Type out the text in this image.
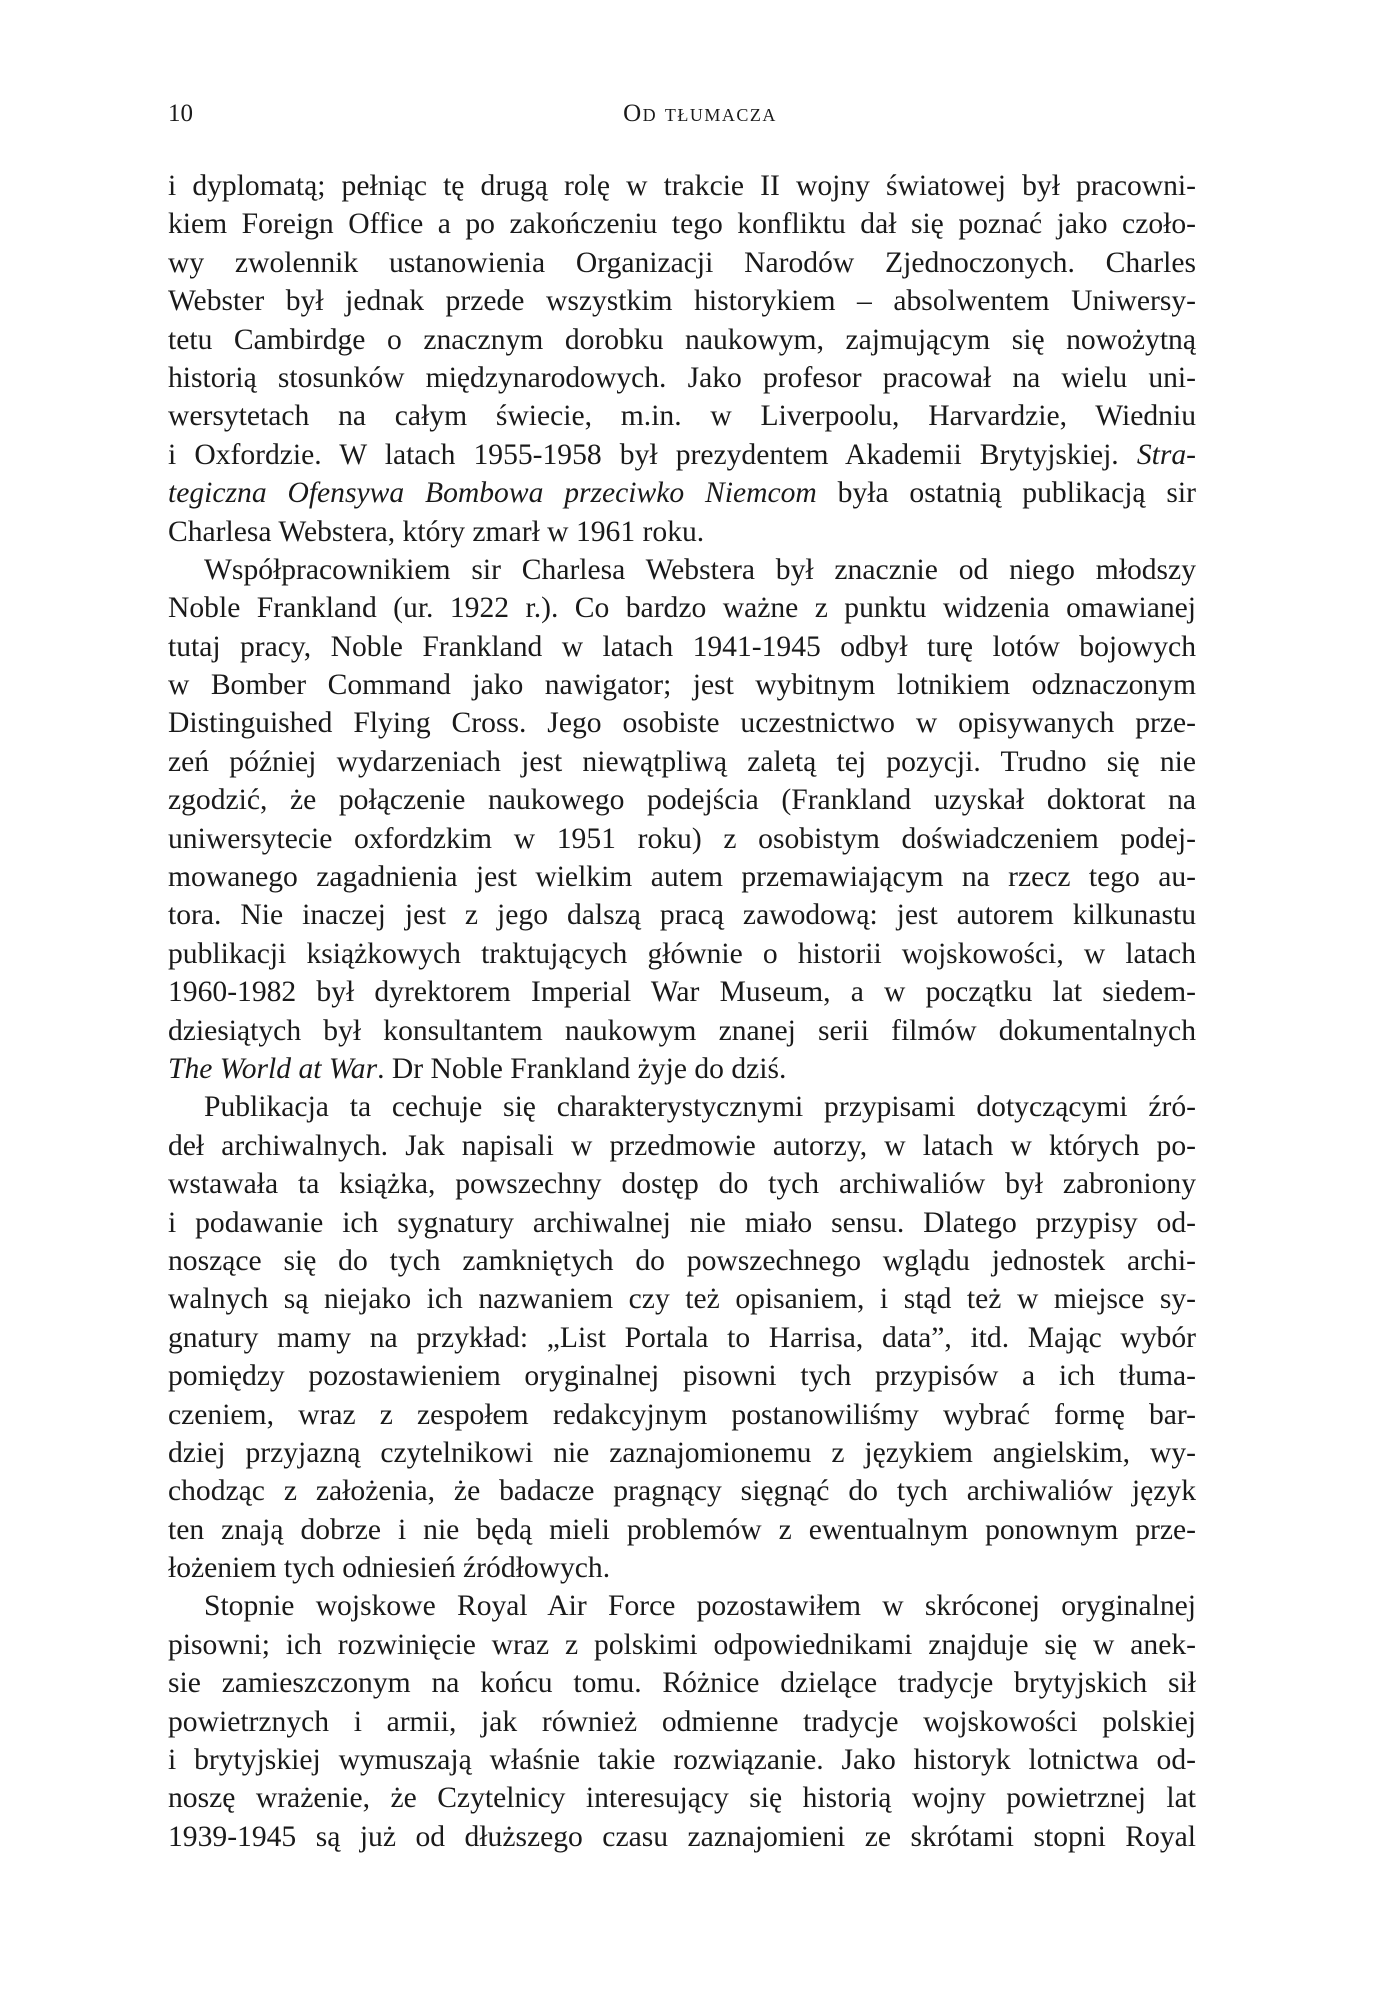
10	Od tłumacza
i dyplomatą; pełniąc tę drugą rolę w trakcie II wojny światowej był pracowni-
kiem Foreign Office a po zakończeniu tego konfliktu dał się poznać jako czoło-
wy zwolennik ustanowienia Organizacji Narodów Zjednoczonych. Charles
Webster był jednak przede wszystkim historykiem – absolwentem Uniwersy-
tetu Cambirdge o znacznym dorobku naukowym, zajmującym się nowożytną
historią stosunków międzynarodowych. Jako profesor pracował na wielu uni-
wersytetach na całym świecie, m.in. w Liverpoolu, Harvardzie, Wiedniu
i Oxfordzie. W latach 1955-1958 był prezydentem Akademii Brytyjskiej. Stra-
tegiczna Ofensywa Bombowa przeciwko Niemcom była ostatnią publikacją sir
Charlesa Webstera, który zmarł w 1961 roku.
Współpracownikiem sir Charlesa Webstera był znacznie od niego młodszy
Noble Frankland (ur. 1922 r.). Co bardzo ważne z punktu widzenia omawianej
tutaj pracy, Noble Frankland w latach 1941-1945 odbył turę lotów bojowych
w Bomber Command jako nawigator; jest wybitnym lotnikiem odznaczonym
Distinguished Flying Cross. Jego osobiste uczestnictwo w opisywanych prze-
zeń później wydarzeniach jest niewątpliwą zaletą tej pozycji. Trudno się nie
zgodzić, że połączenie naukowego podejścia (Frankland uzyskał doktorat na
uniwersytecie oxfordzkim w 1951 roku) z osobistym doświadczeniem podej-
mowanego zagadnienia jest wielkim autem przemawiającym na rzecz tego au-
tora. Nie inaczej jest z jego dalszą pracą zawodową: jest autorem kilkunastu
publikacji książkowych traktujących głównie o historii wojskowości, w latach
1960-1982 był dyrektorem Imperial War Museum, a w początku lat siedem-
dziesiątych był konsultantem naukowym znanej serii filmów dokumentalnych
The World at War. Dr Noble Frankland żyje do dziś.
Publikacja ta cechuje się charakterystycznymi przypisami dotyczącymi źró-
deł archiwalnych. Jak napisali w przedmowie autorzy, w latach w których po-
wstawała ta książka, powszechny dostęp do tych archiwaliów był zabroniony
i podawanie ich sygnatury archiwalnej nie miało sensu. Dlatego przypisy od-
noszące się do tych zamkniętych do powszechnego wglądu jednostek archi-
walnych są niejako ich nazwaniem czy też opisaniem, i stąd też w miejsce sy-
gnatury mamy na przykład: „List Portala to Harrisa, data”, itd. Mając wybór
pomiędzy pozostawieniem oryginalnej pisowni tych przypisów a ich tłuma-
czeniem, wraz z zespołem redakcyjnym postanowiliśmy wybrać formę bar-
dziej przyjazną czytelnikowi nie zaznajomionemu z językiem angielskim, wy-
chodząc z założenia, że badacze pragnący sięgnąć do tych archiwaliów język
ten znają dobrze i nie będą mieli problemów z ewentualnym ponownym prze-
łożeniem tych odniesień źródłowych.
Stopnie wojskowe Royal Air Force pozostawiłem w skróconej oryginalnej
pisowni; ich rozwinięcie wraz z polskimi odpowiednikami znajduje się w anek-
sie zamieszczonym na końcu tomu. Różnice dzielące tradycje brytyjskich sił
powietrznych i armii, jak również odmienne tradycje wojskowości polskiej
i brytyjskiej wymuszają właśnie takie rozwiązanie. Jako historyk lotnictwa od-
noszę wrażenie, że Czytelnicy interesujący się historią wojny powietrznej lat
1939-1945 są już od dłuższego czasu zaznajomieni ze skrótami stopni Royal
